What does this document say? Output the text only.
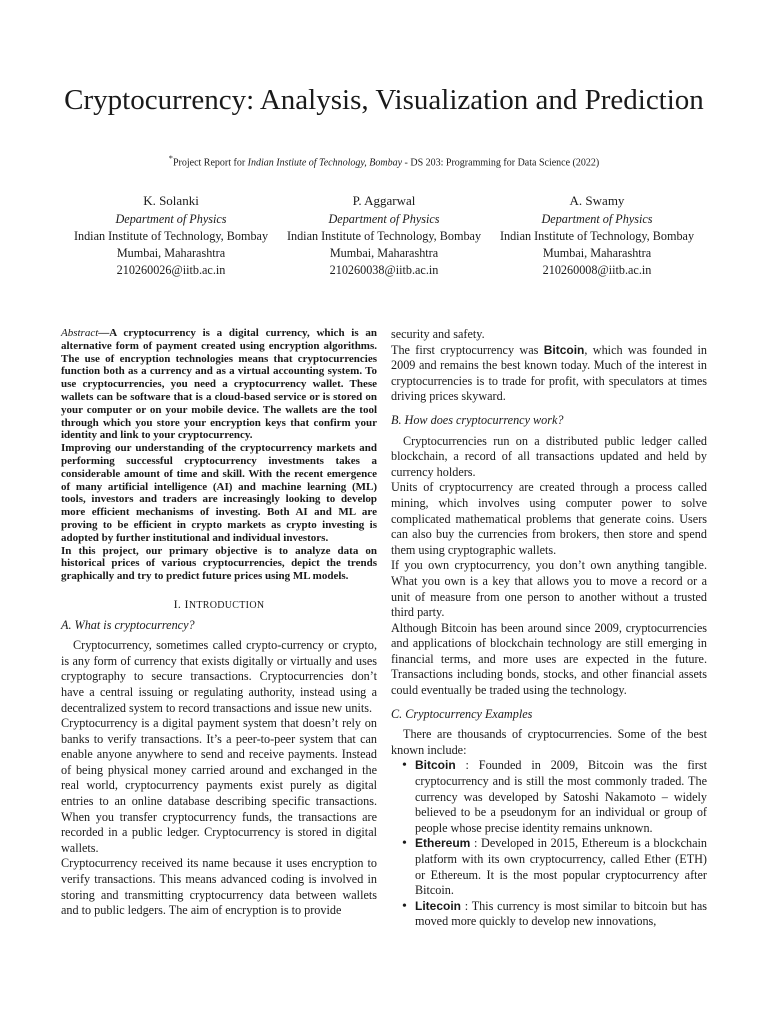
Cryptocurrency: Analysis, Visualization and Prediction
*Project Report for Indian Instiute of Technology, Bombay - DS 203: Programming for Data Science (2022)
K. Solanki
Department of Physics
Indian Institute of Technology, Bombay
Mumbai, Maharashtra
210260026@iitb.ac.in
P. Aggarwal
Department of Physics
Indian Institute of Technology, Bombay
Mumbai, Maharashtra
210260038@iitb.ac.in
A. Swamy
Department of Physics
Indian Institute of Technology, Bombay
Mumbai, Maharashtra
210260008@iitb.ac.in

Abstract—A cryptocurrency is a digital currency, which is an alternative form of payment created using encryption algorithms. The use of encryption technologies means that cryptocurrencies function both as a currency and as a virtual accounting system. To use cryptocurrencies, you need a cryptocurrency wallet. These wallets can be software that is a cloud-based service or is stored on your computer or on your mobile device. The wallets are the tool through which you store your encryption keys that confirm your identity and link to your cryptocurrency.

Improving our understanding of the cryptocurrency markets and performing successful cryptocurrency investments takes a considerable amount of time and skill. With the recent emergence of many artificial intelligence (AI) and machine learning (ML) tools, investors and traders are increasingly looking to develop more efficient mechanisms of investing. Both AI and ML are proving to be efficient in crypto markets as crypto investing is adopted by further institutional and individual investors.

In this project, our primary objective is to analyze data on historical prices of various cryptocurrencies, depict the trends graphically and try to predict future prices using ML models.

I. INTRODUCTION
A. What is cryptocurrency?

Cryptocurrency, sometimes called crypto-currency or crypto, is any form of currency that exists digitally or virtually and uses cryptography to secure transactions. Cryptocurrencies don’t have a central issuing or regulating authority, instead using a decentralized system to record transactions and issue new units.

Cryptocurrency is a digital payment system that doesn’t rely on banks to verify transactions. It’s a peer-to-peer system that can enable anyone anywhere to send and receive payments. Instead of being physical money carried around and exchanged in the real world, cryptocurrency payments exist purely as digital entries to an online database describing specific transactions. When you transfer cryptocurrency funds, the transactions are recorded in a public ledger. Cryptocurrency is stored in digital wallets.

Cryptocurrency received its name because it uses encryption to verify transactions. This means advanced coding is involved in storing and transmitting cryptocurrency data between wallets and to public ledgers. The aim of encryption is to provide

security and safety.

The first cryptocurrency was Bitcoin, which was founded in 2009 and remains the best known today. Much of the interest in cryptocurrencies is to trade for profit, with speculators at times driving prices skyward.

B. How does cryptocurrency work?

Cryptocurrencies run on a distributed public ledger called blockchain, a record of all transactions updated and held by currency holders.

Units of cryptocurrency are created through a process called mining, which involves using computer power to solve complicated mathematical problems that generate coins. Users can also buy the currencies from brokers, then store and spend them using cryptographic wallets.

If you own cryptocurrency, you don’t own anything tangible. What you own is a key that allows you to move a record or a unit of measure from one person to another without a trusted third party.

Although Bitcoin has been around since 2009, cryptocurrencies and applications of blockchain technology are still emerging in financial terms, and more uses are expected in the future. Transactions including bonds, stocks, and other financial assets could eventually be traded using the technology.

C. Cryptocurrency Examples

There are thousands of cryptocurrencies. Some of the best known include:

• Bitcoin : Founded in 2009, Bitcoin was the first cryptocurrency and is still the most commonly traded. The currency was developed by Satoshi Nakamoto – widely believed to be a pseudonym for an individual or group of people whose precise identity remains unknown.
• Ethereum : Developed in 2015, Ethereum is a blockchain platform with its own cryptocurrency, called Ether (ETH) or Ethereum. It is the most popular cryptocurrency after Bitcoin.
• Litecoin : This currency is most similar to bitcoin but has moved more quickly to develop new innovations,
